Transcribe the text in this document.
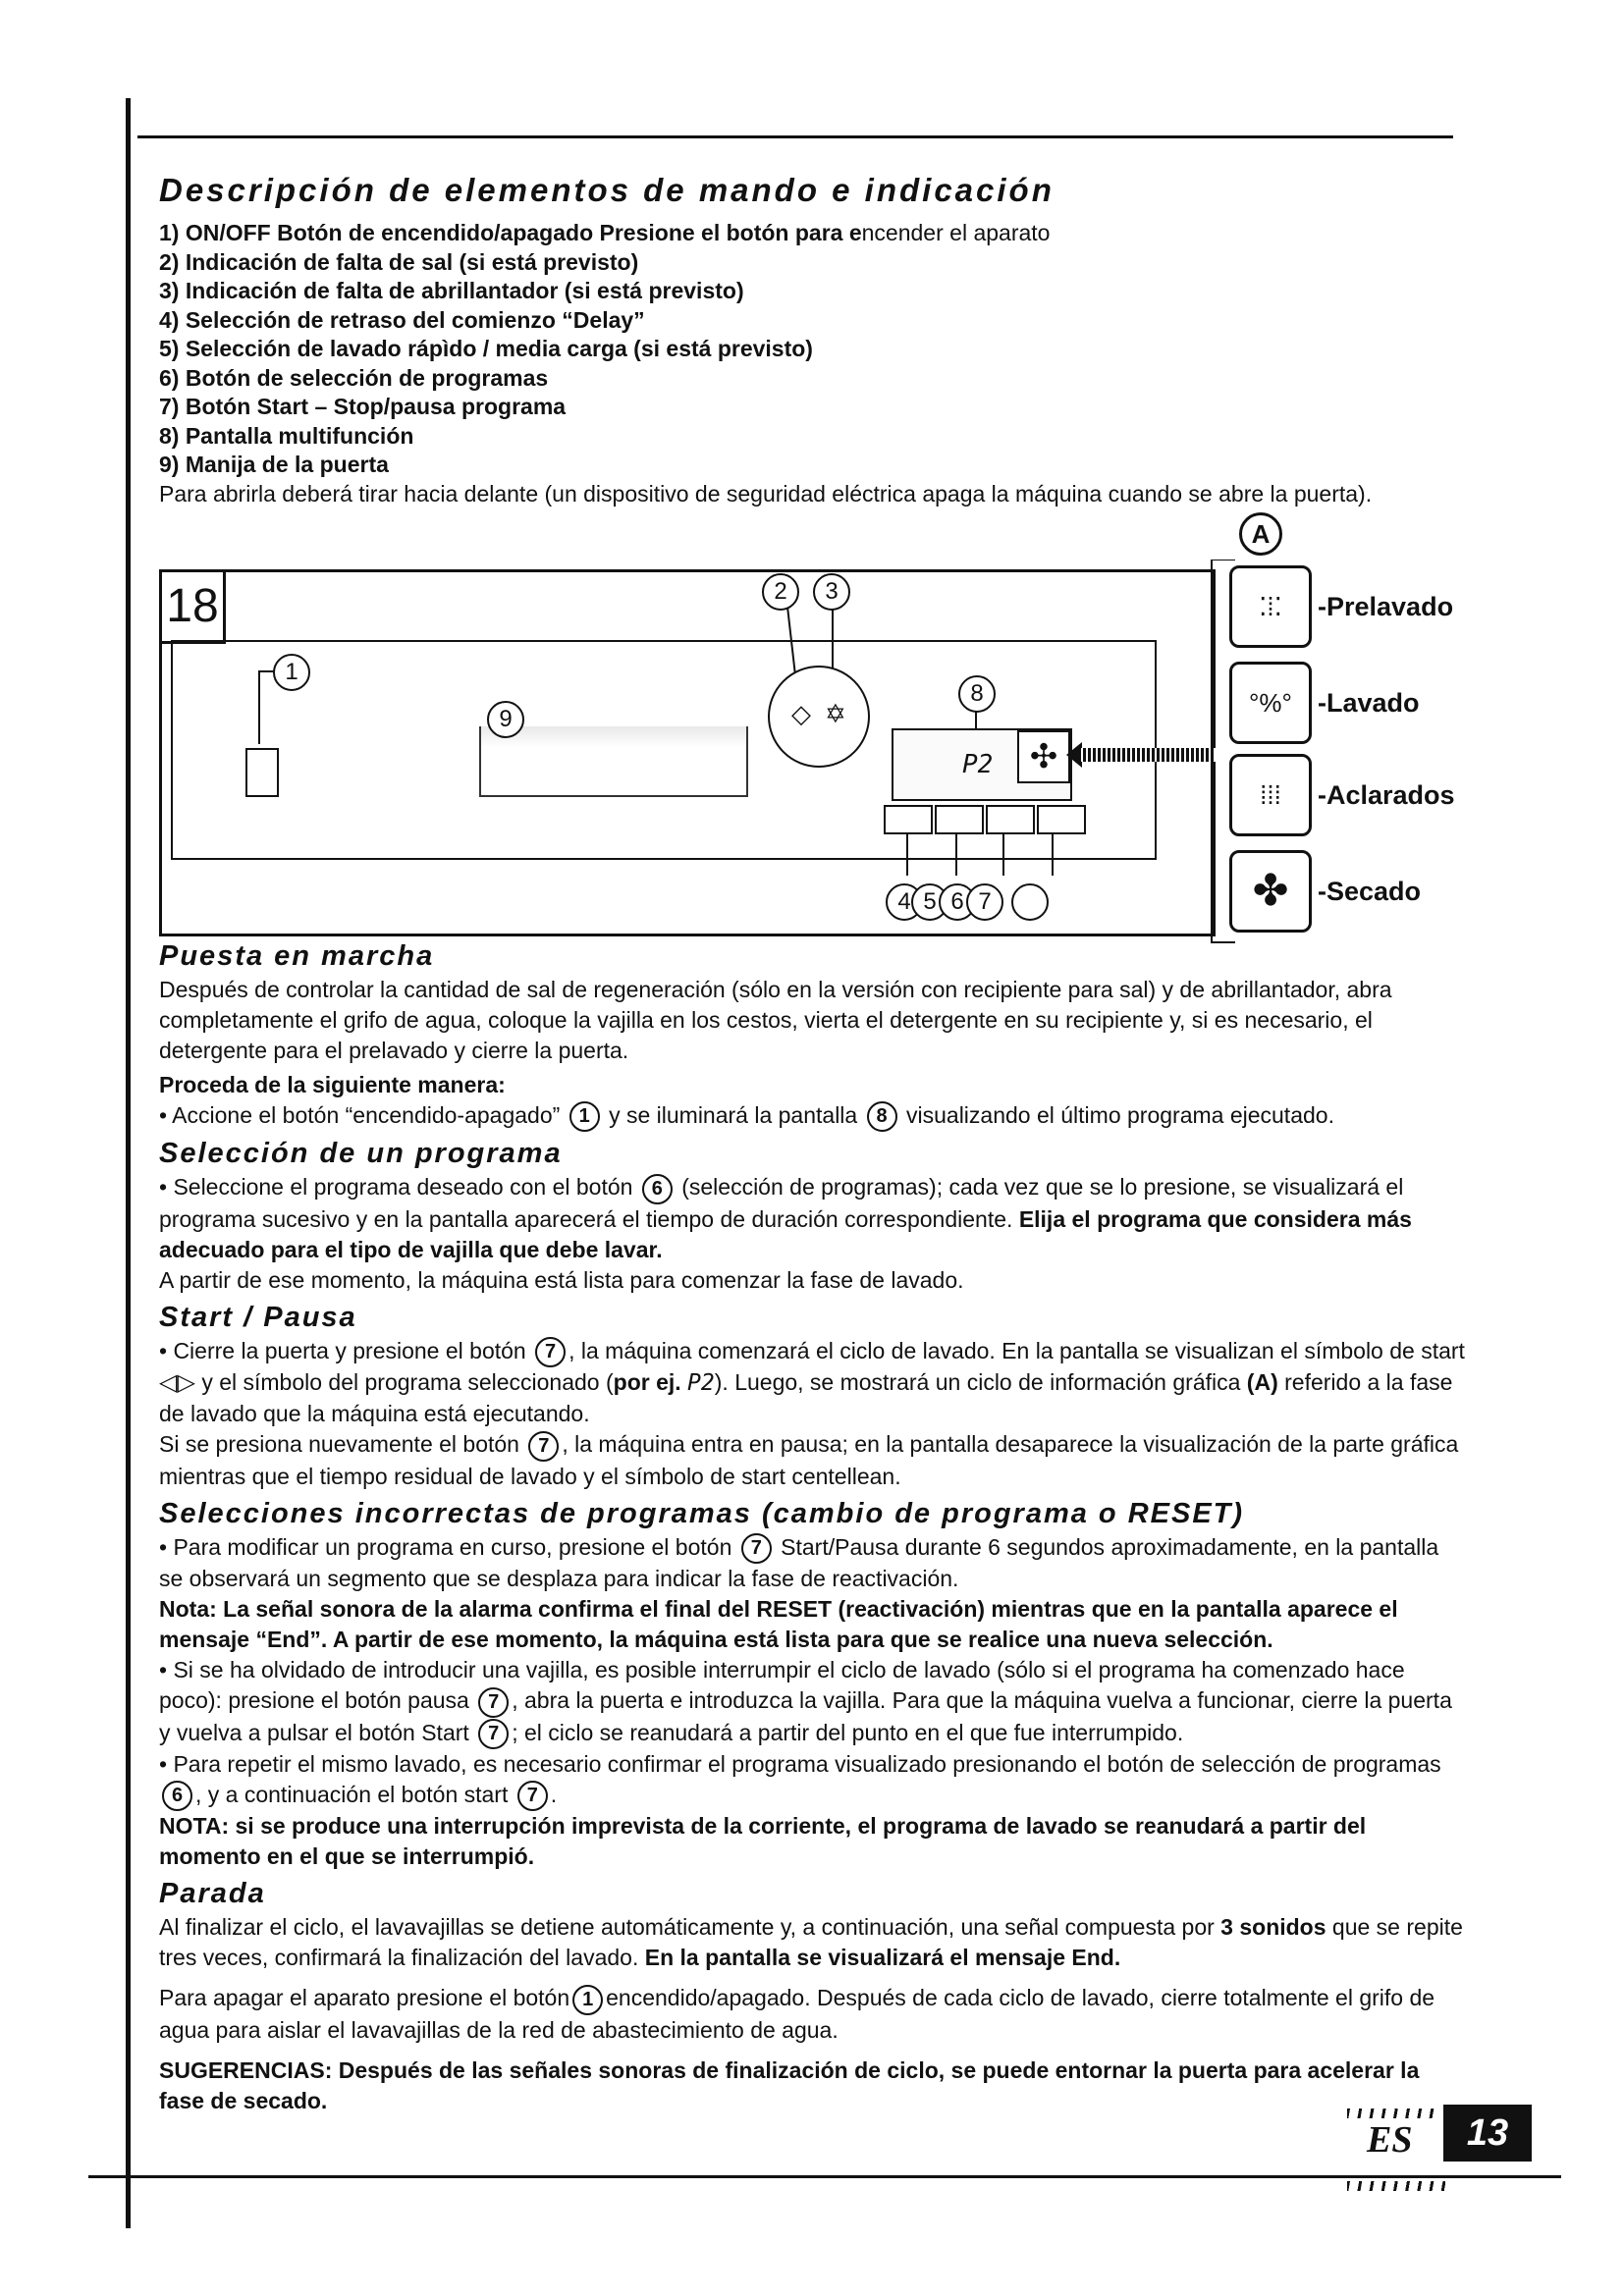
Descripción de elementos de mando e indicación
1) ON/OFF Botón de encendido/apagado Presione el botón para encender el aparato
2) Indicación de falta de sal (si está previsto)
3) Indicación de falta de abrillantador (si está previsto)
4) Selección de retraso del comienzo “Delay”
5) Selección de lavado rápìdo / media carga (si está previsto)
6) Botón de selección de programas
7) Botón Start – Stop/pausa programa
8) Pantalla multifunción
9) Manija de la puerta

Para abrirla deberá tirar hacia delante (un dispositivo de seguridad eléctrica apaga la máquina cuando se abre la puerta).

18	2	3
1
9	◇ ✡
8
P2	✣
4 5 6 7
A
⁚⁞⁚	-Prelavado
°%° -Lavado
⁞⁞⁞	-Aclarados
✤	-Secado
Puesta en marcha

Después de controlar la cantidad de sal de regeneración (sólo en la versión con recipiente para sal) y de abrillantador, abra completamente el grifo de agua, coloque la vajilla en los cestos, vierta el detergente en su recipiente y, si es necesario, el detergente para el prelavado y cierre la puerta.

Proceda de la siguiente manera:

• Accione el botón “encendido-apagado” 1 y se iluminará la pantalla 8 visualizando el último programa ejecutado.

Selección de un programa

• Seleccione el programa deseado con el botón 6 (selección de programas); cada vez que se lo presione, se visualizará el programa sucesivo y en la pantalla aparecerá el tiempo de duración correspondiente. Elija el programa que considera más adecuado para el tipo de vajilla que debe lavar.

A partir de ese momento, la máquina está lista para comenzar la fase de lavado.

Start / Pausa

• Cierre la puerta y presione el botón 7 , la máquina comenzará el ciclo de lavado. En la pantalla se visualizan el símbolo de start ◁▷ y el símbolo del programa seleccionado (por ej. P2). Luego, se mostrará un ciclo de información gráfica (A) referido a la fase de lavado que la máquina está ejecutando.

Si se presiona nuevamente el botón 7 , la máquina entra en pausa; en la pantalla desaparece la visualización de la parte gráfica mientras que el tiempo residual de lavado y el símbolo de start centellean.

Selecciones incorrectas de programas (cambio de programa o RESET)

• Para modificar un programa en curso, presione el botón 7 Start/Pausa durante 6 segundos aproximadamente, en la pantalla se observará un segmento que se desplaza para indicar la fase de reactivación.

Nota: La señal sonora de la alarma confirma el final del RESET (reactivación) mientras que en la pantalla aparece el mensaje “End”. A partir de ese momento, la máquina está lista para que se realice una nueva selección.

• Si se ha olvidado de introducir una vajilla, es posible interrumpir el ciclo de lavado (sólo si el programa ha comenzado hace poco): presione el botón pausa 7 , abra la puerta e introduzca la vajilla. Para que la máquina vuelva a funcionar, cierre la puerta y vuelva a pulsar el botón Start 7 ; el ciclo se reanudará a partir del punto en el que fue interrumpido.

• Para repetir el mismo lavado, es necesario confirmar el programa visualizado presionando el botón de selección de programas 6 , y a continuación el botón start 7 .

NOTA: si se produce una interrupción imprevista de la corriente, el programa de lavado se reanudará a partir del momento en el que se interrumpió.

Parada

Al finalizar el ciclo, el lavavajillas se detiene automáticamente y, a continuación, una señal compuesta por 3 sonidos que se repite tres veces, confirmará la finalización del lavado. En la pantalla se visualizará el mensaje End.

Para apagar el aparato presione el botón 1 encendido/apagado. Después de cada ciclo de lavado, cierre totalmente el grifo de agua para aislar el lavavajillas de la red de abastecimiento de agua.

SUGERENCIAS: Después de las señales sonoras de finalización de ciclo, se puede entornar la puerta para acelerar la fase de secado.

ES	13
